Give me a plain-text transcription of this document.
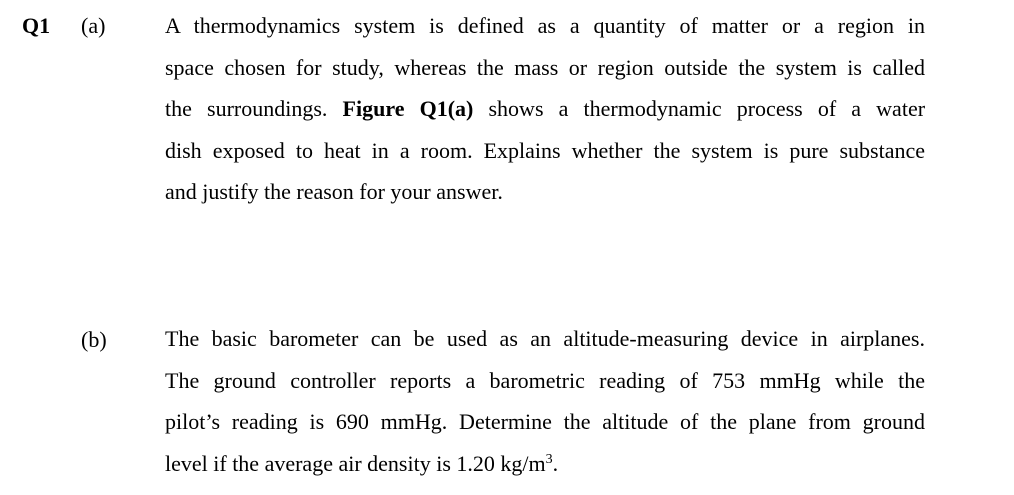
Q1 (a)	A thermodynamics system is defined as a quantity of matter or a region in
space chosen for study, whereas the mass or region outside the system is called
the surroundings. Figure Q1(a) shows a thermodynamic process of a water
dish exposed to heat in a room. Explains whether the system is pure substance
and justify the reason for your answer.
(b)	The basic barometer can be used as an altitude-measuring device in airplanes.
The ground controller reports a barometric reading of 753 mmHg while the
pilot’s reading is 690 mmHg. Determine the altitude of the plane from ground
level if the average air density is 1.20 $kg/m^3$.
